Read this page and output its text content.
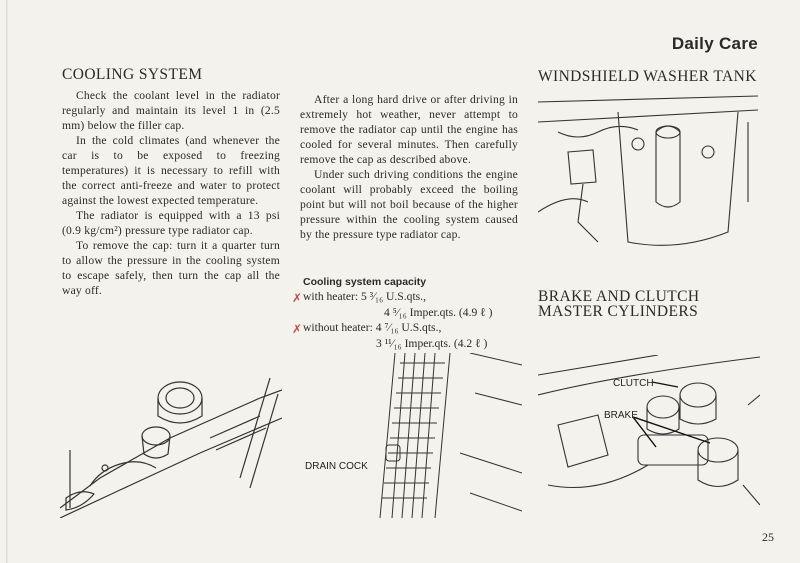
Daily Care
COOLING SYSTEM

Check the coolant level in the radiator regularly and maintain its level 1 in (2.5 mm) below the filler cap.

In the cold climates (and whenever the car is to be exposed to freezing temperatures) it is necessary to refill with the correct anti-freeze and water to protect against the lowest expected temperature.

The radiator is equipped with a 13 psi (0.9 kg/cm²) pressure type radiator cap.

To remove the cap: turn it a quarter turn to allow the pressure in the cooling system to escape safely, then turn the cap all the way off.

After a long hard drive or after driving in extremely hot weather, never attempt to remove the radiator cap until the engine has cooled for several minutes. Then carefully remove the cap as described above.

Under such driving conditions the engine coolant will probably exceed the boiling point but will not boil because of the higher pressure within the cooling system caused by the pressure type radiator cap.

Cooling system capacity
✗ with heater: 5 ³⁄₁₆ U.S.qts.,
4 ⁵⁄₁₆ Imper.qts. (4.9 ℓ )
✗ without heater: 4 ⁷⁄₁₆ U.S.qts.,
3 ¹¹⁄₁₆ Imper.qts. (4.2 ℓ )
WINDSHIELD WASHER TANK
BRAKE AND CLUTCH
MASTER CYLINDERS
DRAIN COCK
CLUTCH
BRAKE
25
